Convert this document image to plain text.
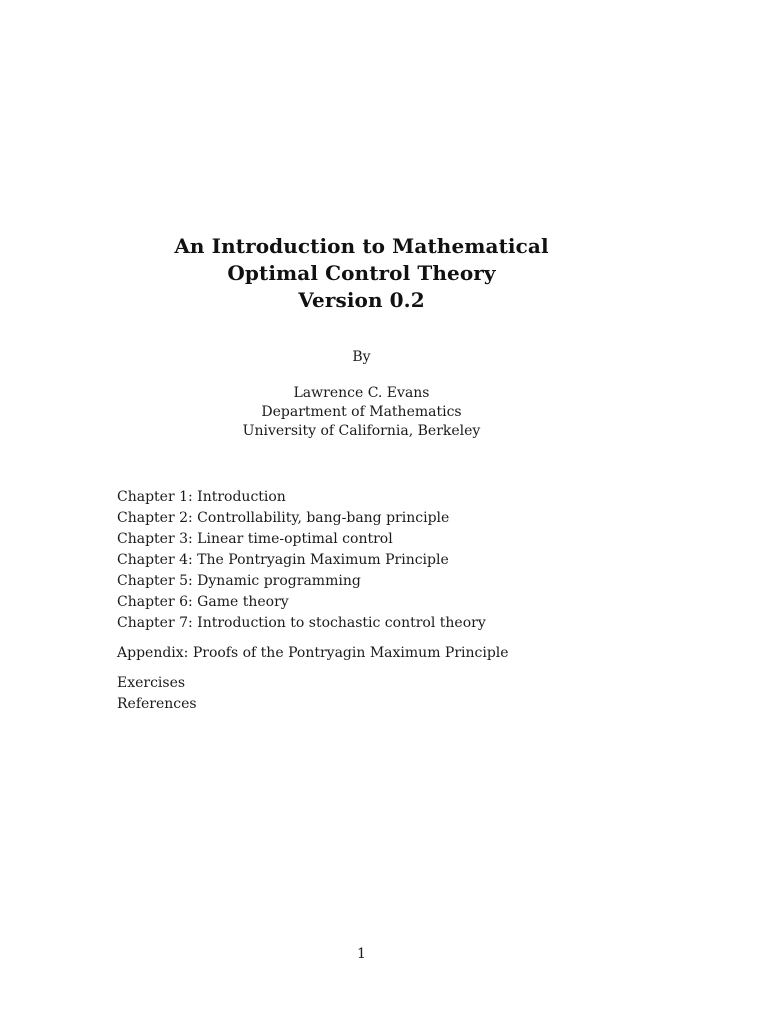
An Introduction to Mathematical
Optimal Control Theory
Version 0.2
By
Lawrence C. Evans
Department of Mathematics
University of California, Berkeley
Chapter 1: Introduction
Chapter 2: Controllability, bang-bang principle
Chapter 3: Linear time-optimal control
Chapter 4: The Pontryagin Maximum Principle
Chapter 5: Dynamic programming
Chapter 6: Game theory
Chapter 7: Introduction to stochastic control theory
Appendix: Proofs of the Pontryagin Maximum Principle
Exercises
References
1
